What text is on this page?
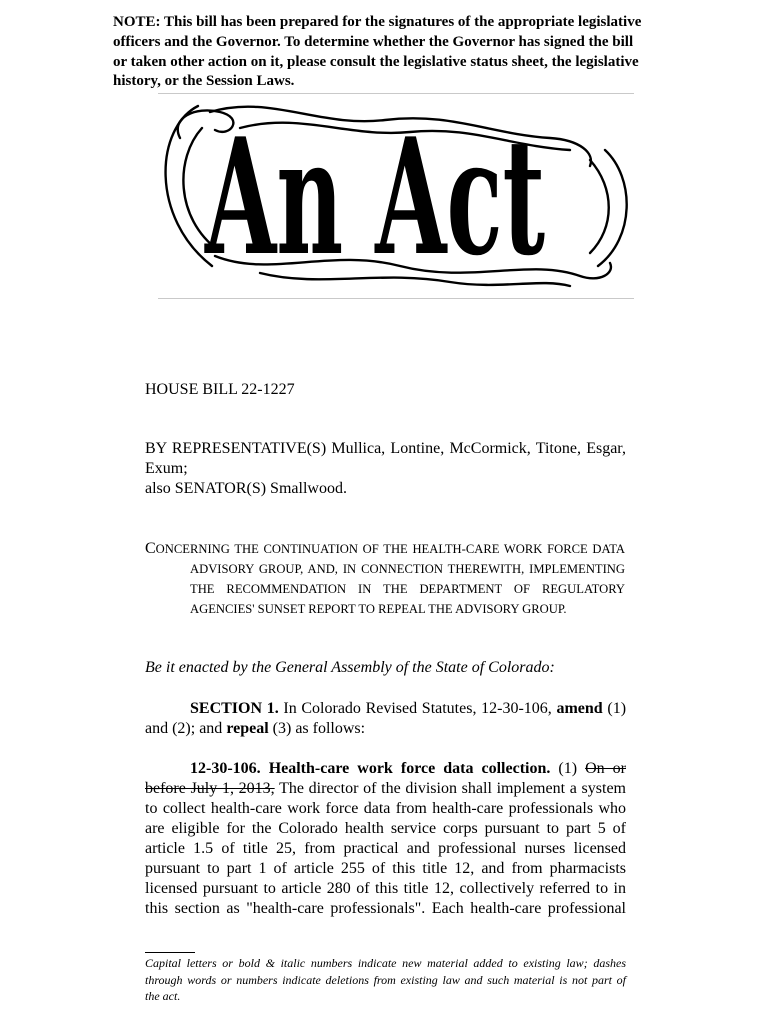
NOTE: This bill has been prepared for the signatures of the appropriate legislative
officers and the Governor. To determine whether the Governor has signed the bill
or taken other action on it, please consult the legislative status sheet, the legislative
history, or the Session Laws.
An Act
HOUSE BILL 22-1227
BY REPRESENTATIVE(S) Mullica, Lontine, McCormick, Titone, Esgar,
Exum;
also SENATOR(S) Smallwood.
CONCERNING THE CONTINUATION OF THE HEALTH-CARE WORK FORCE DATA
ADVISORY GROUP, AND, IN CONNECTION THEREWITH, IMPLEMENTING
THE RECOMMENDATION IN THE DEPARTMENT OF REGULATORY
AGENCIES' SUNSET REPORT TO REPEAL THE ADVISORY GROUP.
Be it enacted by the General Assembly of the State of Colorado:
SECTION 1. In Colorado Revised Statutes, 12-30-106, amend (1)
and (2); and repeal (3) as follows:
12-30-106. Health-care work force data collection. (1) On or
before July 1, 2013, The director of the division shall implement a system
to collect health-care work force data from health-care professionals who
are eligible for the Colorado health service corps pursuant to part 5 of
article 1.5 of title 25, from practical and professional nurses licensed
pursuant to part 1 of article 255 of this title 12, and from pharmacists
licensed pursuant to article 280 of this title 12, collectively referred to in
this section as "health-care professionals". Each health-care professional
Capital letters or bold & italic numbers indicate new material added to existing law; dashes
through words or numbers indicate deletions from existing law and such material is not part of
the act.
